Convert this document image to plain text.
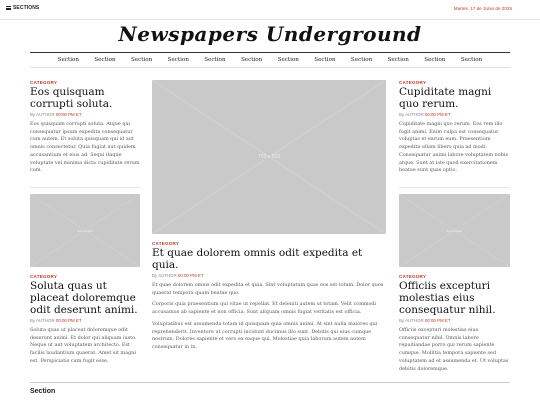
SECTIONS	Martes, 17 de Junio de 2025
Newspapers Underground
Section	Section	Section	Section	Section	Section	Section	Section	Section	Section	Section	Section
CATEGORY
Eos quisquam corrupti soluta.
By AUTHOR 00:00 PM ET

Eos quisquam corrupti soluta. Atque qui consequatur ipsum expedita consequatur cum autem. Et soluta quisquam qui id aut omnis consectetur. Quia fugiat aut quidem accusantium et eius ad. Sequi itaque voluptate vel minima dicta cupiditate rerum cum.

Placeholder
CATEGORY
Soluta quas ut placeat doloremque odit deserunt animi.
By AUTHOR 00:00 PM ET

Soluta quas ut placeat doloremque odit deserunt animi. Et dolor qui aliquam iusto. Neque ut aut voluptatem architecto. Est facilis laudantium quaerat. Amet sit magni est. Perspiciatis cum fugit esse.

700 x 500
CATEGORY
Et quae dolorem omnis odit expedita et quia.
By AUTHOR 00:00 PM ET

Et quae dolorem omnis odit expedita et quia. Sint voluptatum quas eos est totam. Dolor quos quaerat tempora quam beatae quo.

Corporis quia praesentium qui vitae ut repellat. Et deleniti autem ut totam. Velit commodi accusamus ab sapiente et non officia. Sunt aliquam omnis fugiat veritatis est officia.

Voluptatibus est assumenda totam id quisquam quia omnis animi. At sint nulla maiores qui reprehenderit. Inventore ut corrupti incidunt ducimus illo sunt. Debitis qui eius cumque nostrum. Dolores sapiente et vero ex eaque qui. Molestiae quia laborum autem autem consequatur in in.

CATEGORY
Cupiditate magni quo rerum.
By AUTHOR 00:00 PM ET

Cupiditate magni quo rerum. Eos rem illo fugit animi. Enim culpa est consequatur voluptas et earum eum. Praesentium expedita ullam libero quia ad modi. Consequatur animi labore voluptatem nobis atque. Sunt at iste quod exercitationem beatae sunt quas optio.

Placeholder
CATEGORY
Officiis excepturi molestias eius consequatur nihil.
By AUTHOR 00:00 PM ET

Officiis excepturi molestias eius consequatur nihil. Omnis labore repudiandae porro qui rerum sapiente cumque. Mollitia tempora sapiente sed voluptatem ad et assumenda et. Ut voluptas debitis doloremque.

Section
